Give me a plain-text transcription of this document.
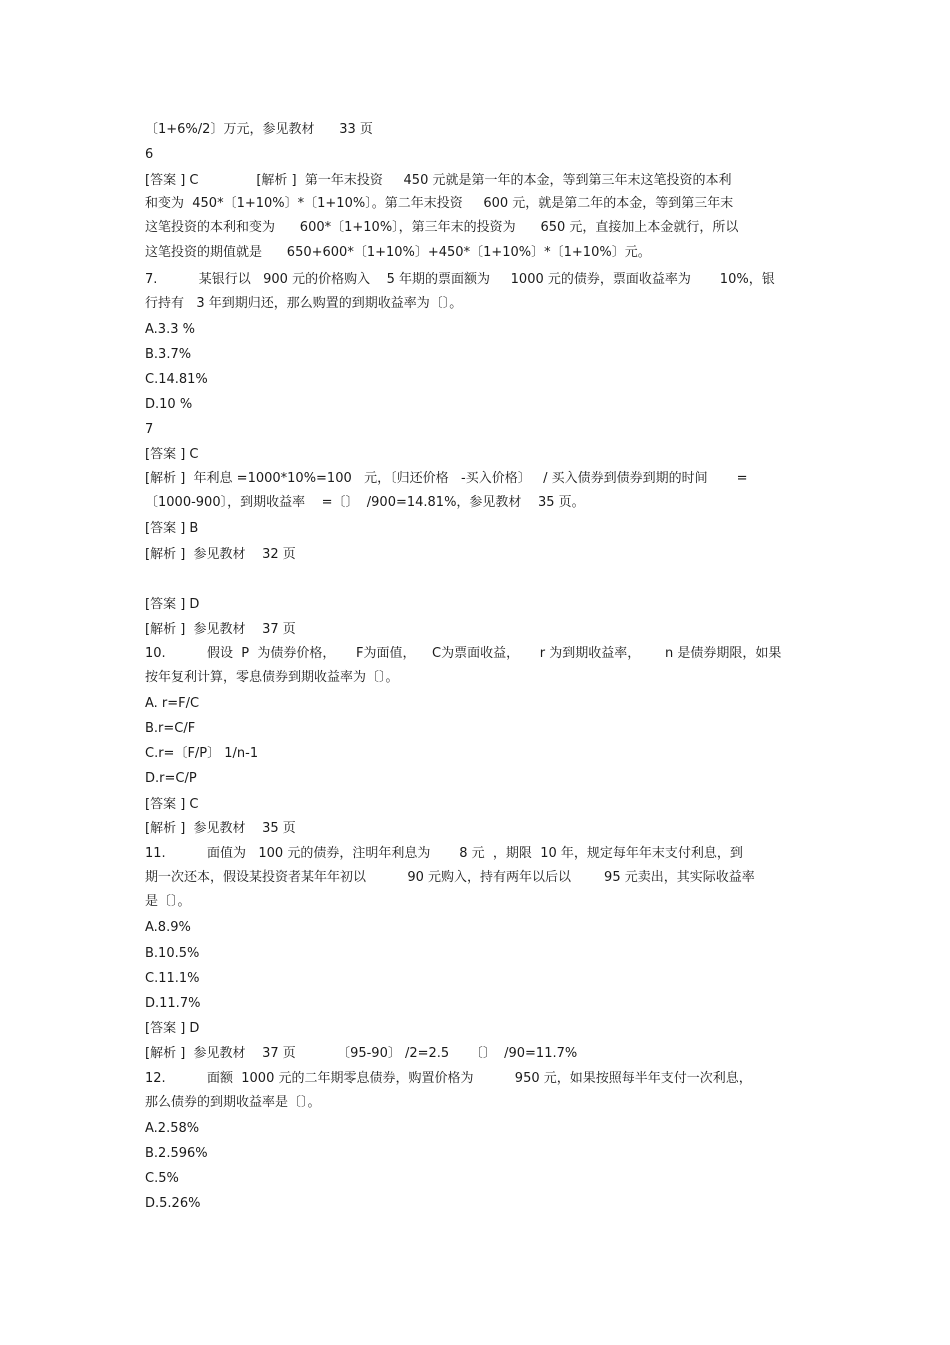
〔1+6%/2〕万元，参见教材      33 页
6
[答案 ] C              [解析 ]  第一年末投资     450 元就是第一年的本金，等到第三年末这笔投资的本利
和变为  450*〔1+10%〕*〔1+10%〕。第二年末投资     600 元，就是第二年的本金，等到第三年末
这笔投资的本利和变为      600*〔1+10%〕，第三年末的投资为      650 元，直接加上本金就行，所以
这笔投资的期值就是      650+600*〔1+10%〕+450*〔1+10%〕*〔1+10%〕元。
7.          某银行以   900 元的价格购入    5 年期的票面额为     1000 元的债券，票面收益率为       10%，银
行持有   3 年到期归还，那么购置的到期收益率为〔〕。
A.3.3 %
B.3.7%
C.14.81%
D.10 %
7
[答案 ] C
[解析 ]  年利息 =1000*10%=100   元，〔归还价格   -买入价格〕   / 买入债券到债券到期的时间       =
〔1000-900〕，到期收益率    =〔〕  /900=14.81%，参见教材    35 页。
[答案 ] B
[解析 ]  参见教材    32 页
[答案 ] D
[解析 ]  参见教材    37 页
10.          假设  P  为债券价格，     F为面值，    C为票面收益，     r 为到期收益率，      n 是债券期限，如果
按年复利计算，零息债券到期收益率为〔〕。
A. r=F/C
B.r=C/F
C.r=〔F/P〕 1/n-1
D.r=C/P
[答案 ] C
[解析 ]  参见教材    35 页
11.          面值为   100 元的债券，注明年利息为       8 元  ，期限  10 年，规定每年年末支付利息，到
期一次还本，假设某投资者某年年初以          90 元购入，持有两年以后以        95 元卖出，其实际收益率
是〔〕。
A.8.9%
B.10.5%
C.11.1%
D.11.7%
[答案 ] D
[解析 ]  参见教材    37 页          〔95-90〕 /2=2.5     〔〕  /90=11.7%
12.          面额  1000 元的二年期零息债券，购置价格为          950 元，如果按照每半年支付一次利息，
那么债券的到期收益率是〔〕。
A.2.58%
B.2.596%
C.5%
D.5.26%
